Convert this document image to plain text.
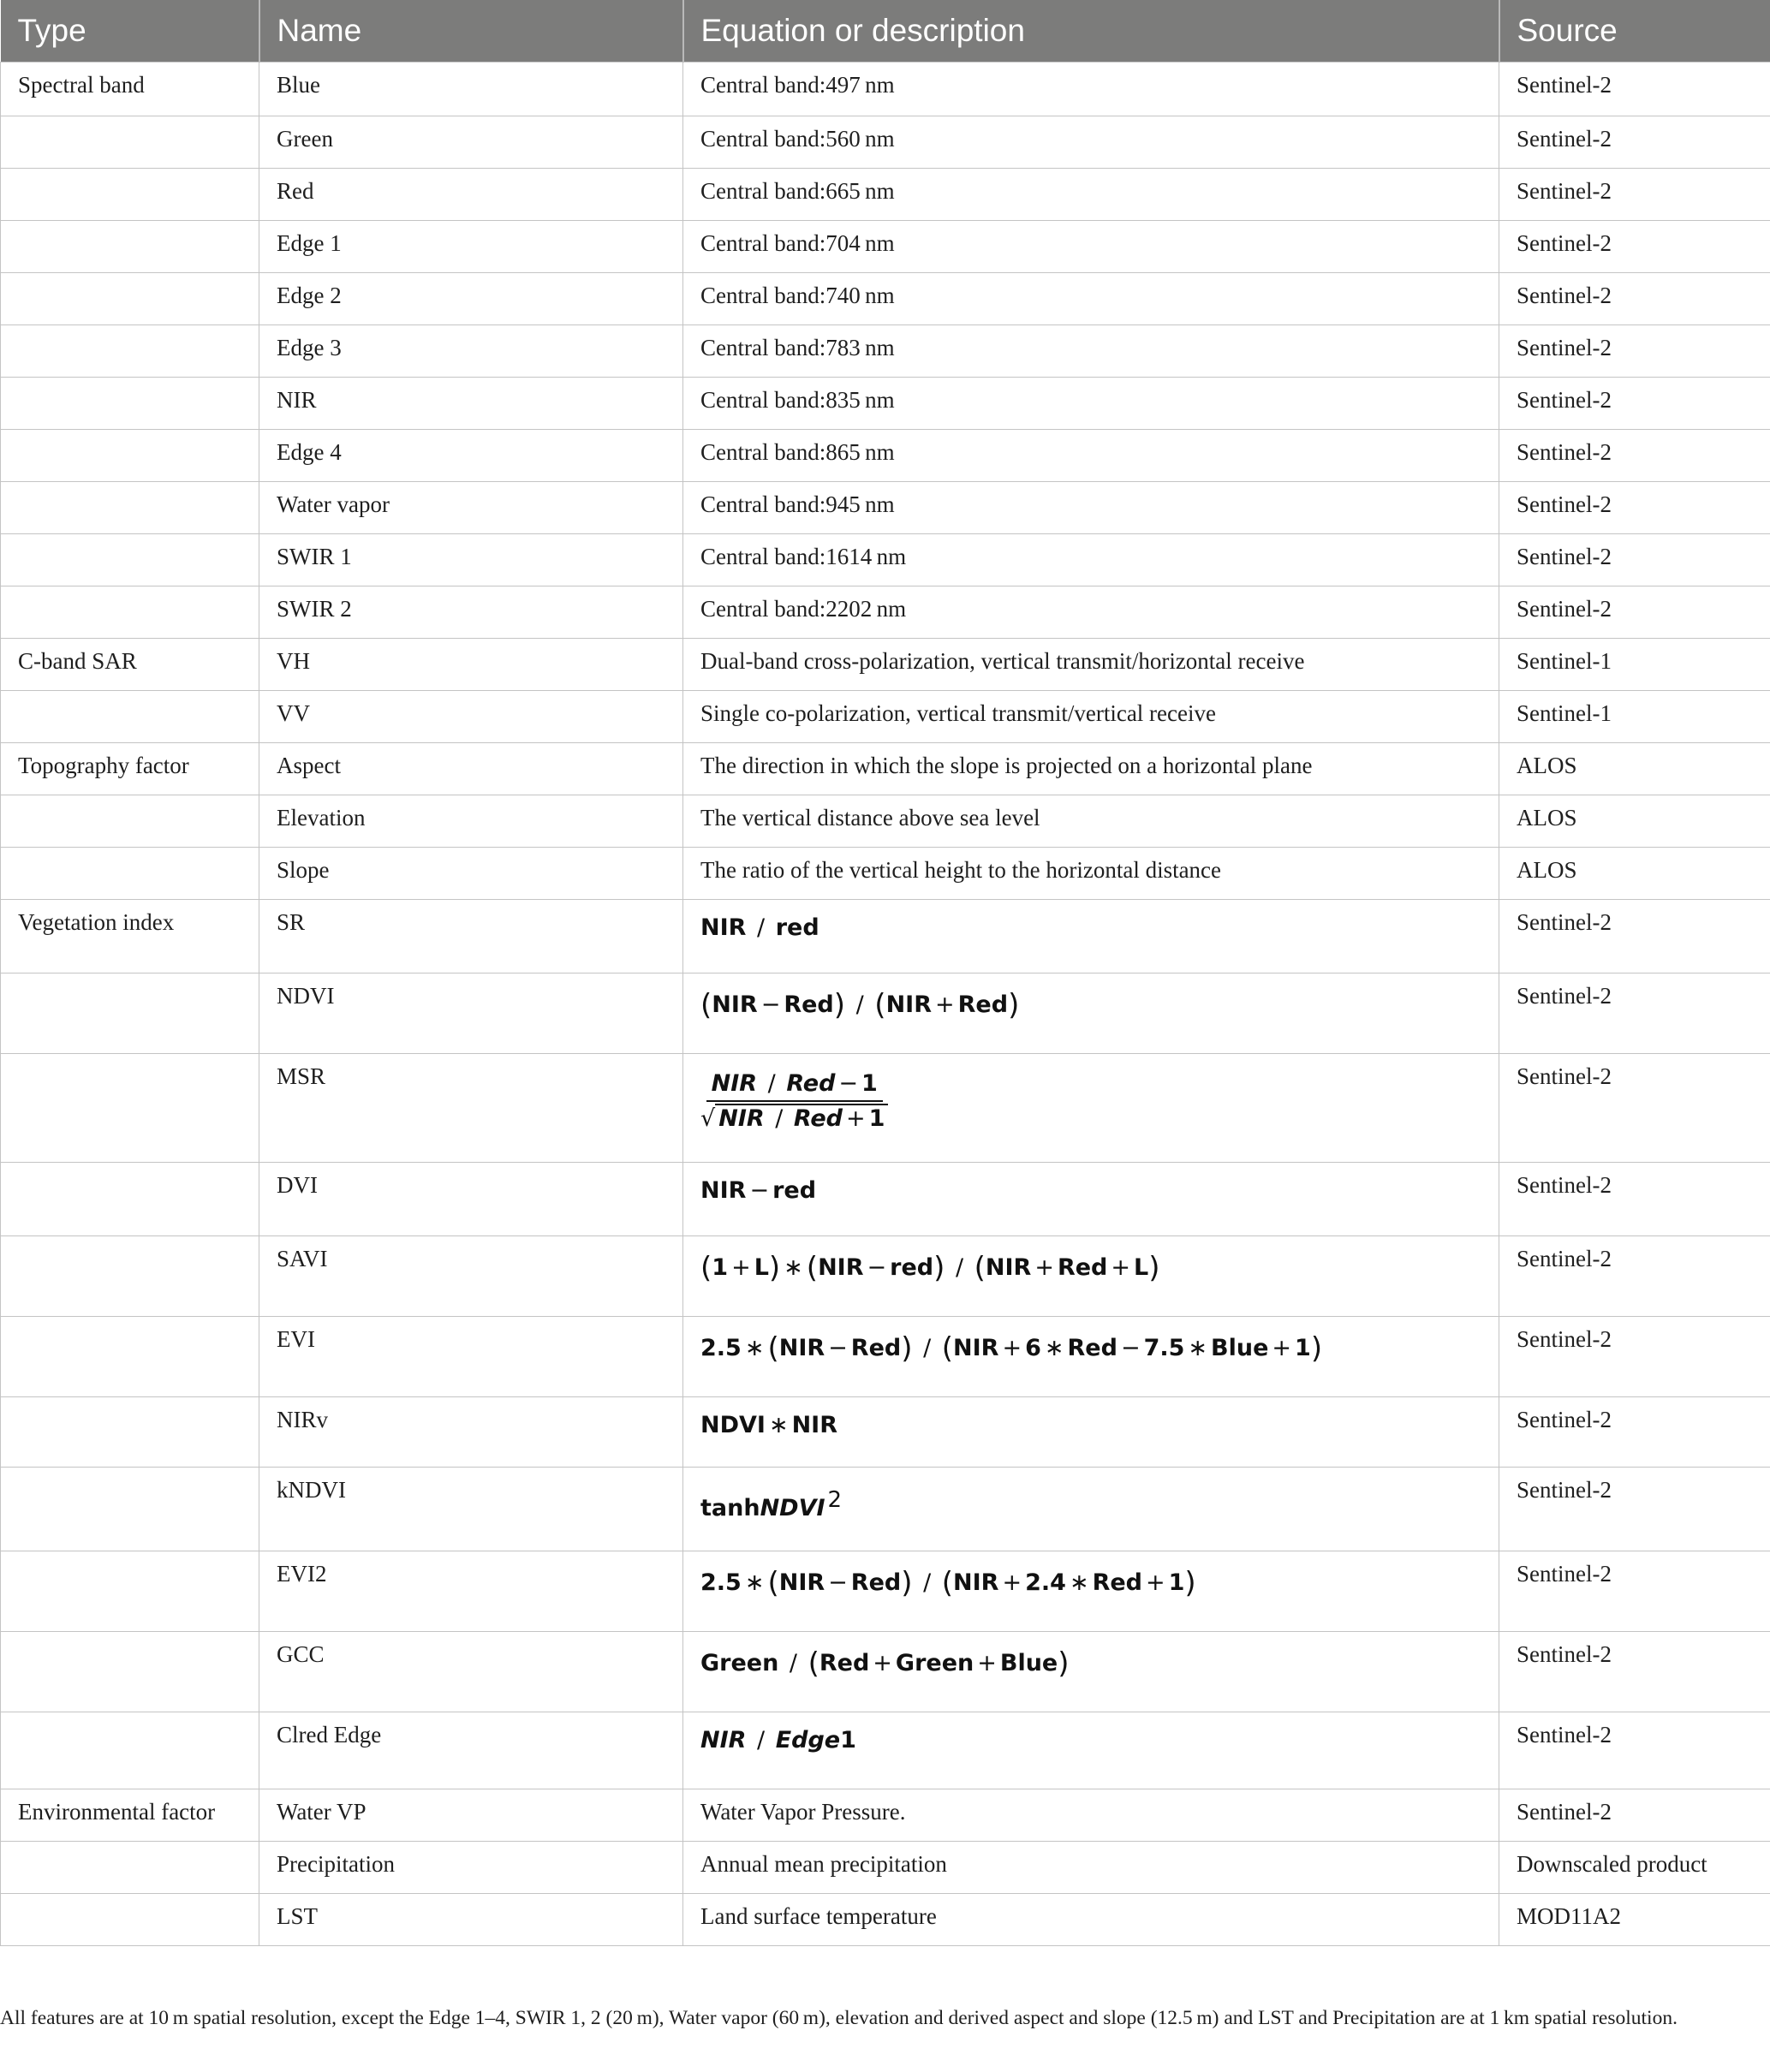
Type	Name	Equation or description	Source
Spectral band	Blue	Central band:497 nm	Sentinel-2
	Green	Central band:560 nm	Sentinel-2
	Red	Central band:665 nm	Sentinel-2
	Edge 1	Central band:704 nm	Sentinel-2
	Edge 2	Central band:740 nm	Sentinel-2
	Edge 3	Central band:783 nm	Sentinel-2
	NIR	Central band:835 nm	Sentinel-2
	Edge 4	Central band:865 nm	Sentinel-2
	Water vapor	Central band:945 nm	Sentinel-2
	SWIR 1	Central band:1614 nm	Sentinel-2
	SWIR 2	Central band:2202 nm	Sentinel-2
C-band SAR	VH	Dual-band cross-polarization, vertical transmit/horizontal receive	Sentinel-1
	VV	Single co-polarization, vertical transmit/vertical receive	Sentinel-1
Topography factor	Aspect	The direction in which the slope is projected on a horizontal plane	ALOS
	Elevation	The vertical distance above sea level	ALOS
	Slope	The ratio of the vertical height to the horizontal distance	ALOS
Vegetation index	SR	NIR / red	Sentinel-2
	NDVI	(NIR − Red) / (NIR + Red)	Sentinel-2
	MSR	$\frac{\text{NIR / Red − 1}}{\text{√ NIR / Red + 1}}$	Sentinel-2
	DVI	NIR − red	Sentinel-2
	SAVI	(1 + L) ∗ (NIR − red) / (NIR + Red + L)	Sentinel-2
	EVI	2.5 ∗ (NIR − Red) / (NIR + 6 ∗ Red − 7.5 ∗ Blue + 1)	Sentinel-2
	NIRv	NDVI ∗ NIR	Sentinel-2
	kNDVI	tanhNDVI $^2$	Sentinel-2
	EVI2	2.5 ∗ (NIR − Red) / (NIR + 2.4 ∗ Red + 1)	Sentinel-2
	GCC	Green / (Red + Green + Blue)	Sentinel-2
	Clred Edge	NIR / Edge1	Sentinel-2
Environmental factor	Water VP	Water Vapor Pressure.	Sentinel-2
	Precipitation	Annual mean precipitation	Downscaled product
	LST	Land surface temperature	MOD11A2
All features are at 10 m spatial resolution, except the Edge 1–4, SWIR 1, 2 (20 m), Water vapor (60 m), elevation and derived aspect and slope (12.5 m) and LST and Precipitation are at 1 km spatial resolution.
